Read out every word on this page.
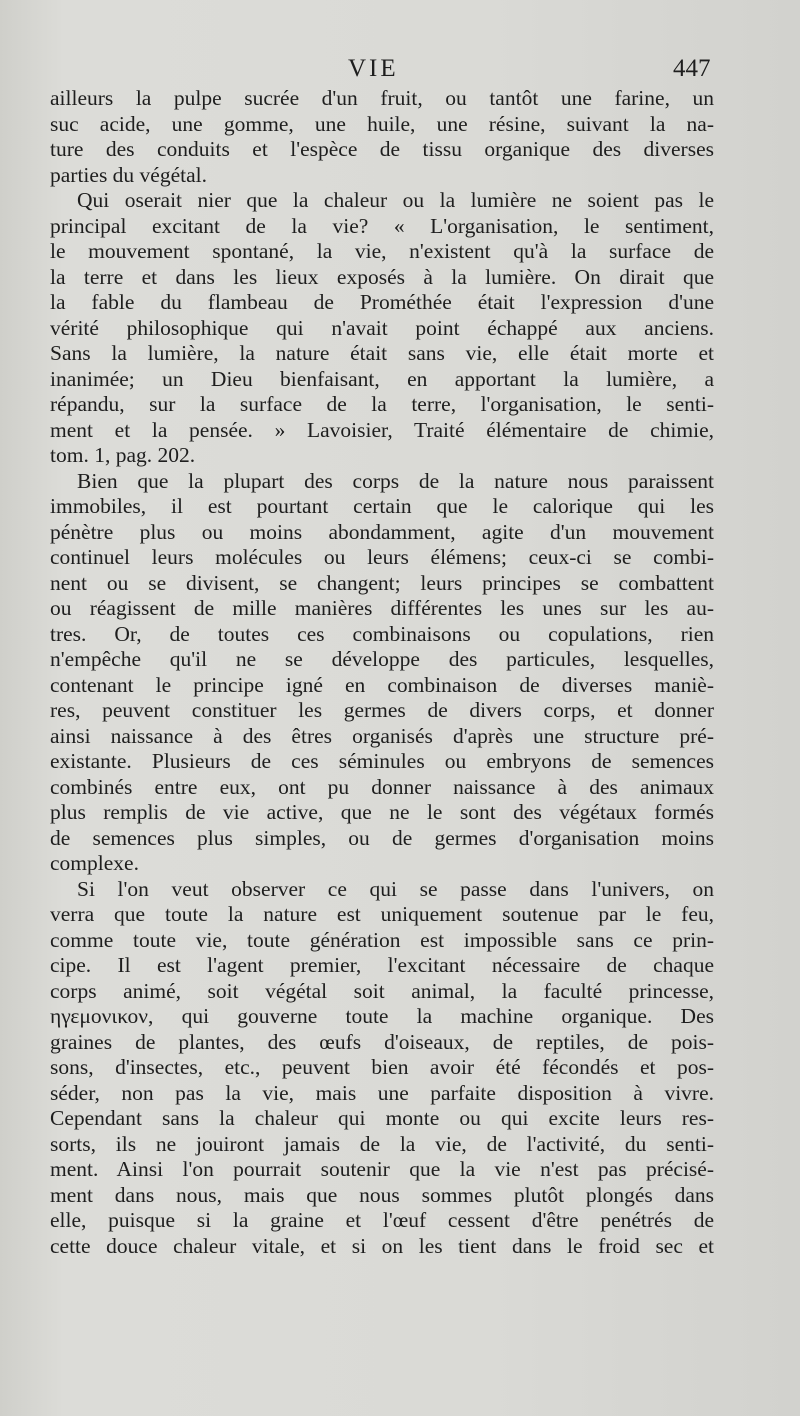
VIE	447
ailleurs la pulpe sucrée d'un fruit, ou tantôt une farine, un
suc acide, une gomme, une huile, une résine, suivant la na-
ture des conduits et l'espèce de tissu organique des diverses
parties du végétal.
Qui oserait nier que la chaleur ou la lumière ne soient pas le
principal excitant de la vie? « L'organisation, le sentiment,
le mouvement spontané, la vie, n'existent qu'à la surface de
la terre et dans les lieux exposés à la lumière. On dirait que
la fable du flambeau de Prométhée était l'expression d'une
vérité philosophique qui n'avait point échappé aux anciens.
Sans la lumière, la nature était sans vie, elle était morte et
inanimée; un Dieu bienfaisant, en apportant la lumière, a
répandu, sur la surface de la terre, l'organisation, le senti-
ment et la pensée. » Lavoisier, Traité élémentaire de chimie,
tom. 1, pag. 202.
Bien que la plupart des corps de la nature nous paraissent
immobiles, il est pourtant certain que le calorique qui les
pénètre plus ou moins abondamment, agite d'un mouvement
continuel leurs molécules ou leurs élémens; ceux-ci se combi-
nent ou se divisent, se changent; leurs principes se combattent
ou réagissent de mille manières différentes les unes sur les au-
tres. Or, de toutes ces combinaisons ou copulations, rien
n'empêche qu'il ne se développe des particules, lesquelles,
contenant le principe igné en combinaison de diverses maniè-
res, peuvent constituer les germes de divers corps, et donner
ainsi naissance à des êtres organisés d'après une structure pré-
existante. Plusieurs de ces séminules ou embryons de semences
combinés entre eux, ont pu donner naissance à des animaux
plus remplis de vie active, que ne le sont des végétaux formés
de semences plus simples, ou de germes d'organisation moins
complexe.
Si l'on veut observer ce qui se passe dans l'univers, on
verra que toute la nature est uniquement soutenue par le feu,
comme toute vie, toute génération est impossible sans ce prin-
cipe. Il est l'agent premier, l'excitant nécessaire de chaque
corps animé, soit végétal soit animal, la faculté princesse,
ηγεμονικον, qui gouverne toute la machine organique. Des
graines de plantes, des œufs d'oiseaux, de reptiles, de pois-
sons, d'insectes, etc., peuvent bien avoir été fécondés et pos-
séder, non pas la vie, mais une parfaite disposition à vivre.
Cependant sans la chaleur qui monte ou qui excite leurs res-
sorts, ils ne jouiront jamais de la vie, de l'activité, du senti-
ment. Ainsi l'on pourrait soutenir que la vie n'est pas précisé-
ment dans nous, mais que nous sommes plutôt plongés dans
elle, puisque si la graine et l'œuf cessent d'être penétrés de
cette douce chaleur vitale, et si on les tient dans le froid sec et
